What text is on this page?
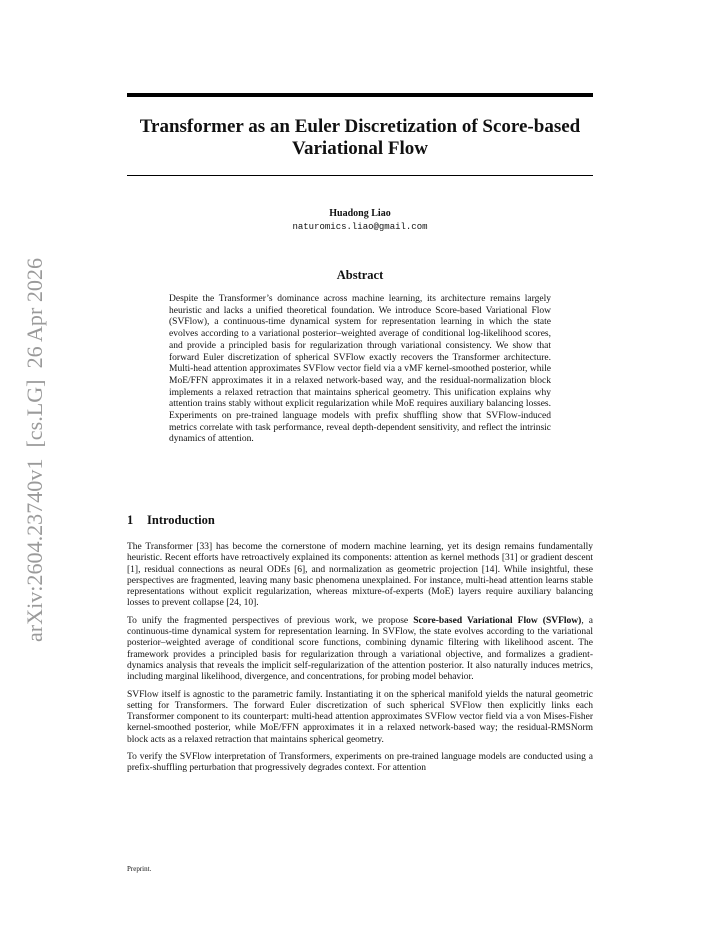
arXiv:2604.23740v1  [cs.LG]  26 Apr 2026
Transformer as an Euler Discretization of Score-based Variational Flow
Huadong Liao
naturomics.liao@gmail.com
Abstract

Despite the Transformer’s dominance across machine learning, its architecture remains largely heuristic and lacks a unified theoretical foundation. We introduce Score-based Variational Flow (SVFlow), a continuous-time dynamical system for representation learning in which the state evolves according to a variational posterior–weighted average of conditional log-likelihood scores, and provide a principled basis for regularization through variational consistency. We show that forward Euler discretization of spherical SVFlow exactly recovers the Transformer architecture. Multi-head attention approximates SVFlow vector field via a vMF kernel-smoothed posterior, while MoE/FFN approximates it in a relaxed network-based way, and the residual-normalization block implements a relaxed retraction that maintains spherical geometry. This unification explains why attention trains stably without explicit regularization while MoE requires auxiliary balancing losses. Experiments on pre-trained language models with prefix shuffling show that SVFlow-induced metrics correlate with task performance, reveal depth-dependent sensitivity, and reflect the intrinsic dynamics of attention.

1 Introduction

The Transformer [33] has become the cornerstone of modern machine learning, yet its design remains fundamentally heuristic. Recent efforts have retroactively explained its components: attention as kernel methods [31] or gradient descent [1], residual connections as neural ODEs [6], and normalization as geometric projection [14]. While insightful, these perspectives are fragmented, leaving many basic phenomena unexplained. For instance, multi-head attention learns stable representations without explicit regularization, whereas mixture-of-experts (MoE) layers require auxiliary balancing losses to prevent collapse [24, 10].

To unify the fragmented perspectives of previous work, we propose Score-based Variational Flow (SVFlow), a continuous-time dynamical system for representation learning. In SVFlow, the state evolves according to the variational posterior–weighted average of conditional score functions, combining dynamic filtering with likelihood ascent. The framework provides a principled basis for regularization through a variational objective, and formalizes a gradient-dynamics analysis that reveals the implicit self-regularization of the attention posterior. It also naturally induces metrics, including marginal likelihood, divergence, and concentrations, for probing model behavior.

SVFlow itself is agnostic to the parametric family. Instantiating it on the spherical manifold yields the natural geometric setting for Transformers. The forward Euler discretization of such spherical SVFlow then explicitly links each Transformer component to its counterpart: multi-head attention approximates SVFlow vector field via a von Mises-Fisher kernel-smoothed posterior, while MoE/FFN approximates it in a relaxed network-based way; the residual-RMSNorm block acts as a relaxed retraction that maintains spherical geometry.

To verify the SVFlow interpretation of Transformers, experiments on pre-trained language models are conducted using a prefix-shuffling perturbation that progressively degrades context. For attention

Preprint.
